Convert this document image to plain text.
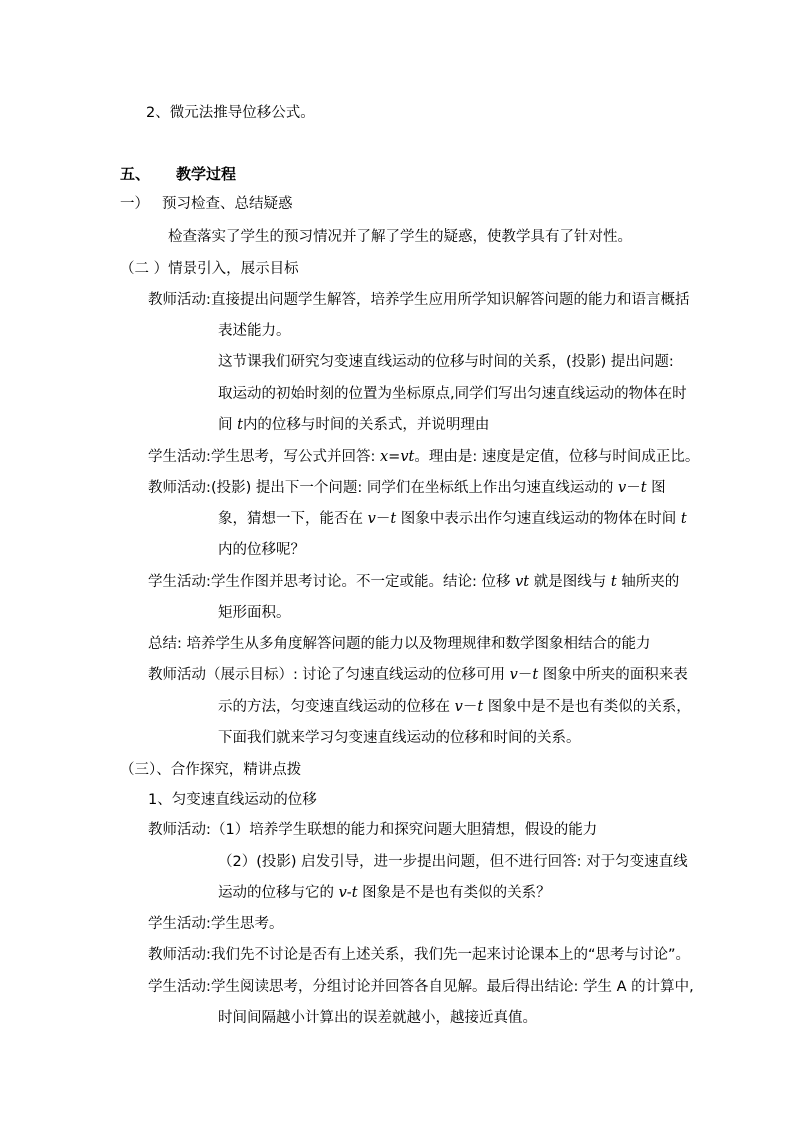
2、微元法推导位移公式。
五、 教学过程
一） 预习检查、总结疑惑
检查落实了学生的预习情况并了解了学生的疑惑，使教学具有了针对性。
（二 ）情景引入，展示目标
教师活动: 直接提出问题学生解答，培养学生应用所学知识解答问题的能力和语言概括
表述能力。
这节课我们研究匀变速直线运动的位移与时间的关系，(投影) 提出问题:
取运动的初始时刻的位置为坐标原点,同学们写出匀速直线运动的物体在时
间 t内的位移与时间的关系式，并说明理由
学生活动: 学生思考，写公式并回答: x=vt。理由是: 速度是定值，位移与时间成正比。
教师活动: (投影) 提出下一个问题: 同学们在坐标纸上作出匀速直线运动的 v－t 图
象，猜想一下，能否在 v－t 图象中表示出作匀速直线运动的物体在时间 t
内的位移呢？
学生活动: 学生作图并思考讨论。不一定或能。结论: 位移 vt 就是图线与 t 轴所夹的
矩形面积。
总结: 培养学生从多角度解答问题的能力以及物理规律和数学图象相结合的能力
教师活动（展示目标）: 讨论了匀速直线运动的位移可用 v－t 图象中所夹的面积来表
示的方法，匀变速直线运动的位移在 v－t 图象中是不是也有类似的关系，
下面我们就来学习匀变速直线运动的位移和时间的关系。
（三）、合作探究，精讲点拨
1、匀变速直线运动的位移
教师活动: （1）培养学生联想的能力和探究问题大胆猜想，假设的能力
（2）(投影) 启发引导，进一步提出问题，但不进行回答: 对于匀变速直线
运动的位移与它的 v-t 图象是不是也有类似的关系？
学生活动: 学生思考。
教师活动: 我们先不讨论是否有上述关系，我们先一起来讨论课本上的“思考与讨论”。
学生活动: 学生阅读思考，分组讨论并回答各自见解。最后得出结论: 学生 A 的计算中,
时间间隔越小计算出的误差就越小，越接近真值。
